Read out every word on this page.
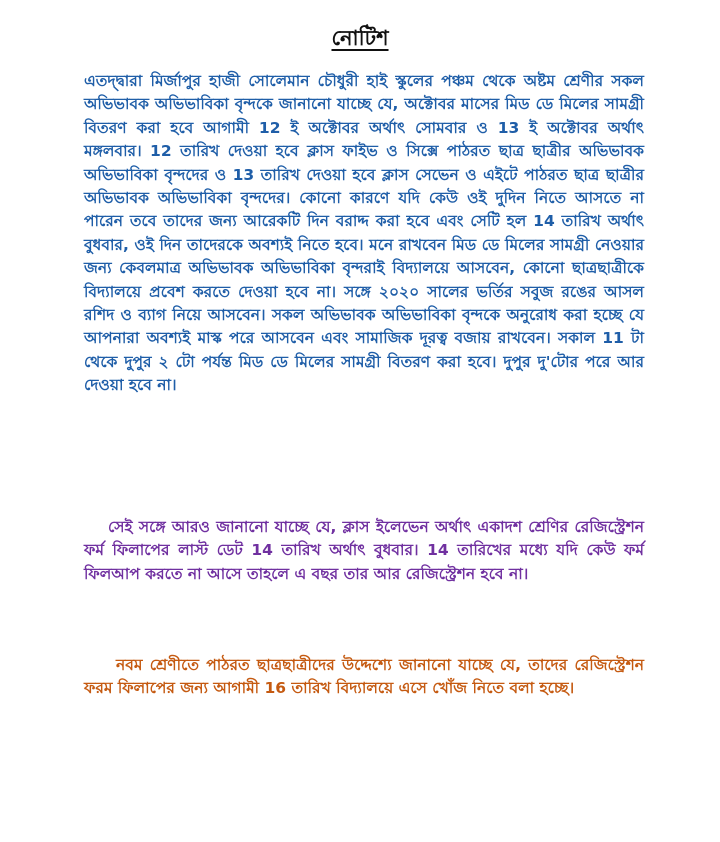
নোটিশ

এতদ্দ্বারা মির্জাপুর হাজী সোলেমান চৌধুরী হাই স্কুলের পঞ্চম থেকে অষ্টম শ্রেণীর সকল অভিভাবক অভিভাবিকা বৃন্দকে জানানো যাচ্ছে যে, অক্টোবর মাসের মিড ডে মিলের সামগ্রী বিতরণ করা হবে আগামী 12 ই অক্টোবর অর্থাৎ সোমবার ও 13 ই অক্টোবর অর্থাৎ মঙ্গলবার। 12 তারিখ দেওয়া হবে ক্লাস ফাইভ ও সিক্সে পাঠরত ছাত্র ছাত্রীর অভিভাবক অভিভাবিকা বৃন্দদের ও 13 তারিখ দেওয়া হবে ক্লাস সেভেন ও এইটে পাঠরত ছাত্র ছাত্রীর অভিভাবক অভিভাবিকা বৃন্দদের। কোনো কারণে যদি কেউ ওই দুদিন নিতে আসতে না পারেন তবে তাদের জন্য আরেকটি দিন বরাদ্দ করা হবে এবং সেটি হল 14 তারিখ অর্থাৎ বুধবার, ওই দিন তাদেরকে অবশ্যই নিতে হবে। মনে রাখবেন মিড ডে মিলের সামগ্রী নেওয়ার জন্য কেবলমাত্র অভিভাবক অভিভাবিকা বৃন্দরাই বিদ্যালয়ে আসবেন, কোনো ছাত্রছাত্রীকে বিদ্যালয়ে প্রবেশ করতে দেওয়া হবে না। সঙ্গে ২০২০ সালের ভর্তির সবুজ রঙের আসল রশিদ ও ব্যাগ নিয়ে আসবেন। সকল অভিভাবক অভিভাবিকা বৃন্দকে অনুরোধ করা হচ্ছে যে আপনারা অবশ্যই মাস্ক পরে আসবেন এবং সামাজিক দূরত্ব বজায় রাখবেন। সকাল 11 টা থেকে দুপুর ২ টো পর্যন্ত মিড ডে মিলের সামগ্রী বিতরণ করা হবে। দুপুর দু'টোর পরে আর দেওয়া হবে না।

সেই সঙ্গে আরও জানানো যাচ্ছে যে, ক্লাস ইলেভেন অর্থাৎ একাদশ শ্রেণির রেজিস্ট্রেশন ফর্ম ফিলাপের লাস্ট ডেট 14 তারিখ অর্থাৎ বুধবার। 14 তারিখের মধ্যে যদি কেউ ফর্ম ফিলআপ করতে না আসে তাহলে এ বছর তার আর রেজিস্ট্রেশন হবে না।

নবম শ্রেণীতে পাঠরত ছাত্রছাত্রীদের উদ্দেশ্যে জানানো যাচ্ছে যে, তাদের রেজিস্ট্রেশন ফরম ফিলাপের জন্য আগামী 16 তারিখ বিদ্যালয়ে এসে খোঁজ নিতে বলা হচ্ছে।
